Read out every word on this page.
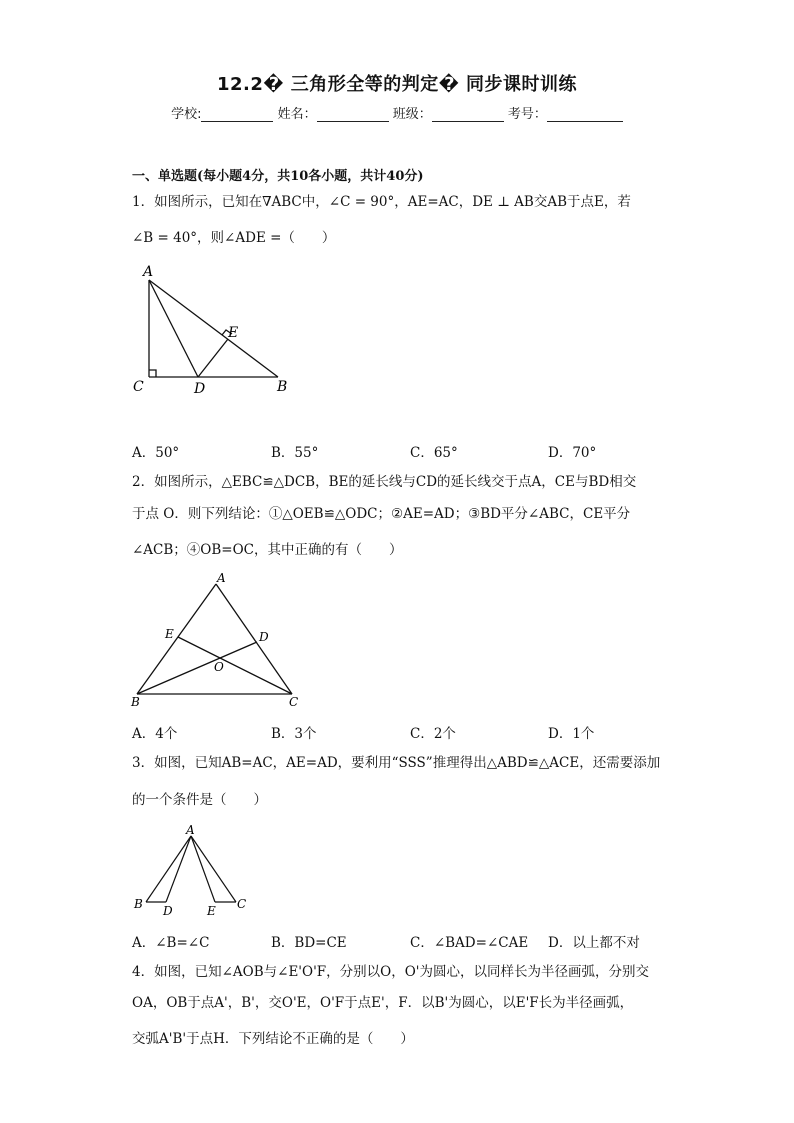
12.2� 三角形全等的判定� 同步课时训练
学校:	姓名：	班级：	考号：
一、单选题(每小题4分，共10各小题，共计40分)
1．如图所示，已知在∇ABC中，∠C = 90°，AE=AC，DE ⊥ AB交AB于点E，若
∠B = 40°，则∠ADE =（　　）
A
C	D
E
B
A．50°	B．55°	C．65°	D．70°
2．如图所示，△EBC≌△DCB，BE的延长线与CD的延长线交于点A，CE与BD相交
于点 O．则下列结论：①△OEB≌△ODC；②AE=AD；③BD平分∠ABC，CE平分
∠ACB；④OB=OC，其中正确的有（　　）
A
E	D
O
B	C
A．4个	B．3个	C．2个	D．1个
3．如图，已知AB=AC，AE=AD，要利用“SSS”推理得出△ABD≌△ACE，还需要添加
的一个条件是（　　）
A
B D	E C
A．∠B=∠C	B．BD=CE	C．∠BAD=∠CAE D．以上都不对
4．如图，已知∠AOB与∠E'O'F，分别以O，O'为圆心，以同样长为半径画弧，分别交
OA，OB于点A'，B'，交O'E，O'F于点E'，F．以B'为圆心，以E'F长为半径画弧，
交弧A'B'于点H．下列结论不正确的是（　　）
